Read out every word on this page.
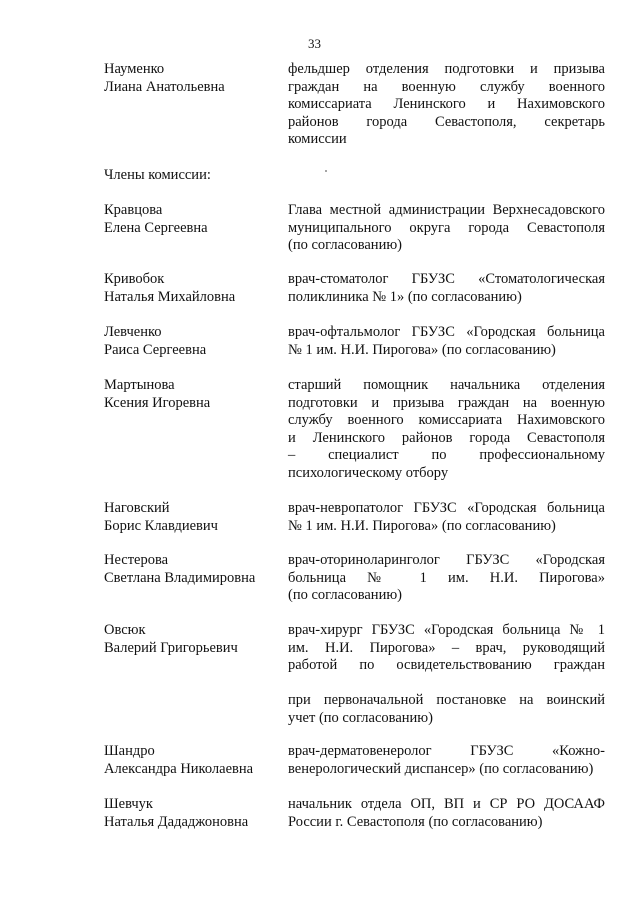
33
Науменко
Лиана Анатольевна
фельдшер отделения подготовки и призыва
граждан на военную службу военного
комиссариата Ленинского и Нахимовского
районов города Севастополя, секретарь
комиссии
Члены комиссии:
Кравцова
Елена Сергеевна
Глава местной администрации Верхнесадовского
муниципального округа города Севастополя
(по согласованию)
Кривобок
Наталья Михайловна
врач-стоматолог ГБУЗС «Стоматологическая
поликлиника № 1» (по согласованию)
Левченко
Раиса Сергеевна
врач-офтальмолог ГБУЗС «Городская больница
№ 1 им. Н.И. Пирогова» (по согласованию)
Мартынова
Ксения Игоревна
старший помощник начальника отделения
подготовки и призыва граждан на военную
службу военного комиссариата Нахимовского
и Ленинского районов города Севастополя
– специалист по профессиональному
психологическому отбору
Наговский
Борис Клавдиевич
врач-невропатолог ГБУЗС «Городская больница
№ 1 им. Н.И. Пирогова» (по согласованию)
Нестерова
Светлана Владимировна
врач-оториноларинголог ГБУЗС «Городская
больница № 1 им. Н.И. Пирогова»
(по согласованию)
Овсюк
Валерий Григорьевич
врач-хирург ГБУЗС «Городская больница № 1
им. Н.И. Пирогова» – врач, руководящий
работой по освидетельствованию граждан
при первоначальной постановке на воинский
учет (по согласованию)
Шандро
Александра Николаевна
врач-дерматовенеролог ГБУЗС «Кожно-
венерологический диспансер» (по согласованию)
Шевчук
Наталья Дададжоновна
начальник отдела ОП, ВП и СР РО ДОСААФ
России г. Севастополя (по согласованию)
